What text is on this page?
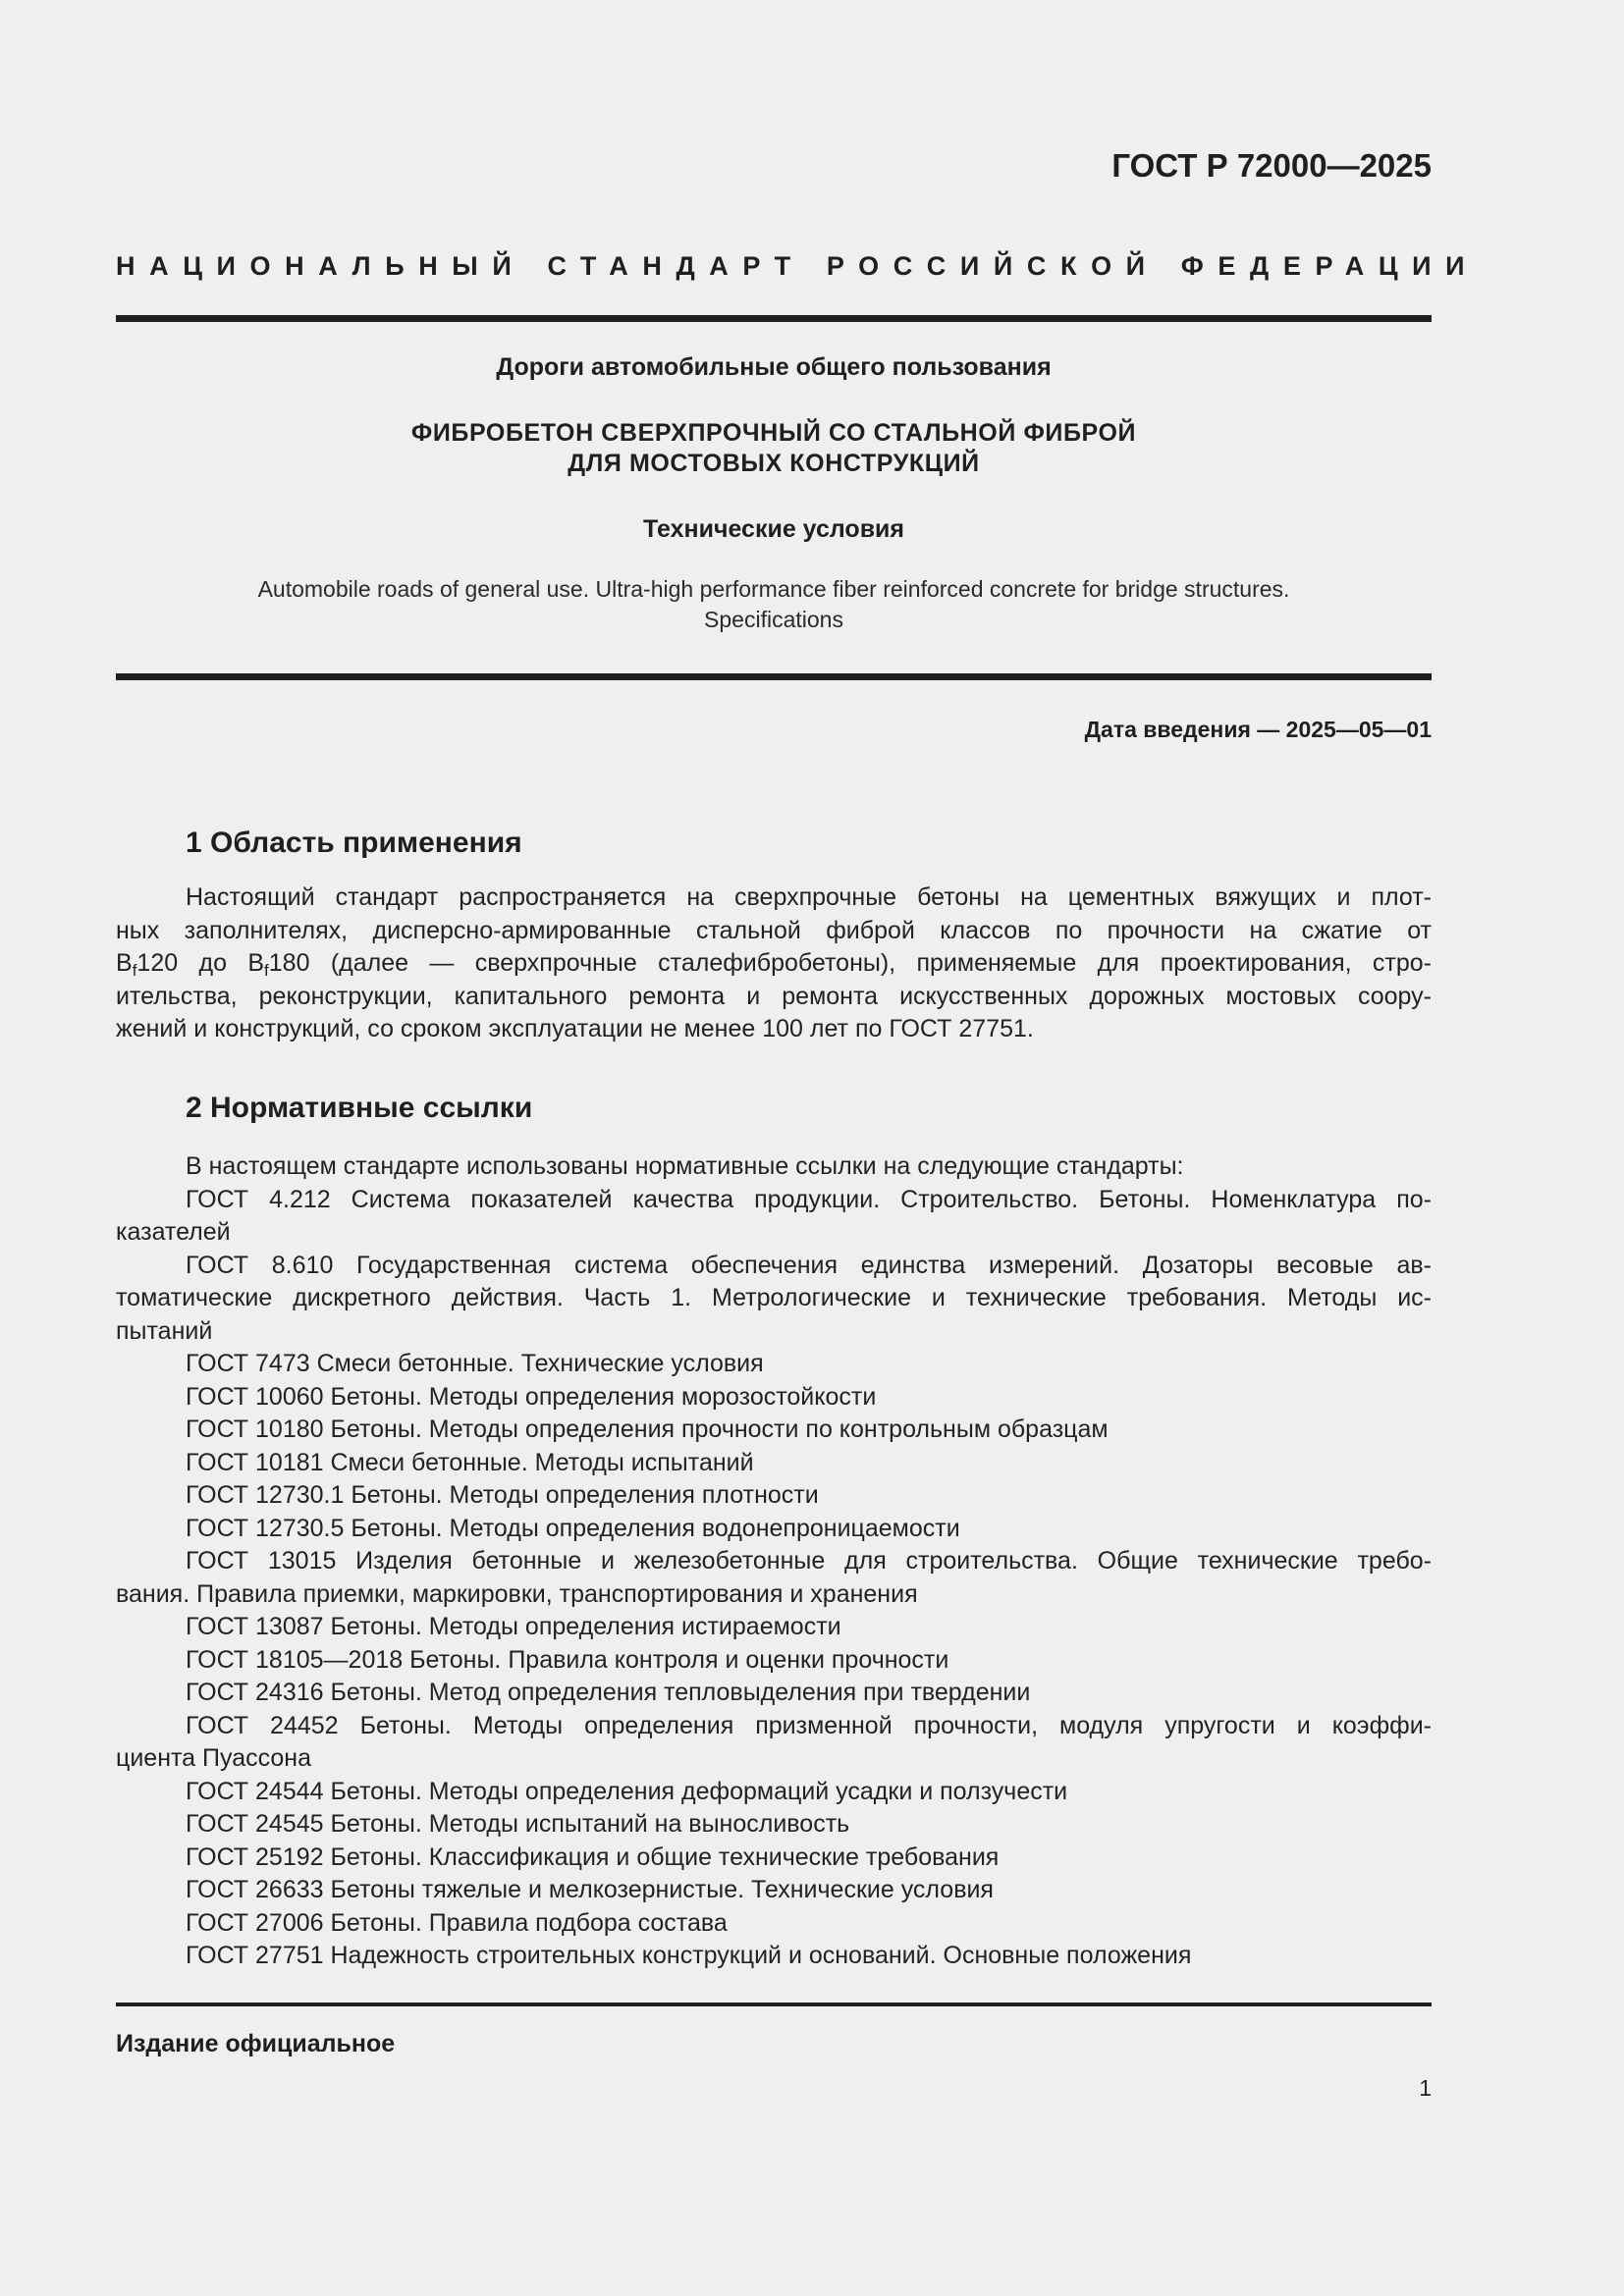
ГОСТ Р 72000—2025
НАЦИОНАЛЬНЫЙ СТАНДАРТ РОССИЙСКОЙ ФЕДЕРАЦИИ
Дороги автомобильные общего пользования
ФИБРОБЕТОН СВЕРХПРОЧНЫЙ СО СТАЛЬНОЙ ФИБРОЙ
ДЛЯ МОСТОВЫХ КОНСТРУКЦИЙ
Технические условия
Automobile roads of general use. Ultra-high performance fiber reinforced concrete for bridge structures.
Specifications
Дата введения — 2025—05—01
1 Область применения
Настоящий стандарт распространяется на сверхпрочные бетоны на цементных вяжущих и плот-
ных заполнителях, дисперсно-армированные стальной фиброй классов по прочности на сжатие от
$B_f120$ до $B_f180$ (далее — сверхпрочные сталефибробетоны), применяемые для проектирования, стро-
ительства, реконструкции, капитального ремонта и ремонта искусственных дорожных мостовых соору-
жений и конструкций, со сроком эксплуатации не менее 100 лет по ГОСТ 27751.
2 Нормативные ссылки
В настоящем стандарте использованы нормативные ссылки на следующие стандарты:
ГОСТ 4.212 Система показателей качества продукции. Строительство. Бетоны. Номенклатура по-
казателей
ГОСТ 8.610 Государственная система обеспечения единства измерений. Дозаторы весовые ав-
томатические дискретного действия. Часть 1. Метрологические и технические требования. Методы ис-
пытаний
ГОСТ 7473 Смеси бетонные. Технические условия
ГОСТ 10060 Бетоны. Методы определения морозостойкости
ГОСТ 10180 Бетоны. Методы определения прочности по контрольным образцам
ГОСТ 10181 Смеси бетонные. Методы испытаний
ГОСТ 12730.1 Бетоны. Методы определения плотности
ГОСТ 12730.5 Бетоны. Методы определения водонепроницаемости
ГОСТ 13015 Изделия бетонные и железобетонные для строительства. Общие технические требо-
вания. Правила приемки, маркировки, транспортирования и хранения
ГОСТ 13087 Бетоны. Методы определения истираемости
ГОСТ 18105—2018 Бетоны. Правила контроля и оценки прочности
ГОСТ 24316 Бетоны. Метод определения тепловыделения при твердении
ГОСТ 24452 Бетоны. Методы определения призменной прочности, модуля упругости и коэффи-
циента Пуассона
ГОСТ 24544 Бетоны. Методы определения деформаций усадки и ползучести
ГОСТ 24545 Бетоны. Методы испытаний на выносливость
ГОСТ 25192 Бетоны. Классификация и общие технические требования
ГОСТ 26633 Бетоны тяжелые и мелкозернистые. Технические условия
ГОСТ 27006 Бетоны. Правила подбора состава
ГОСТ 27751 Надежность строительных конструкций и оснований. Основные положения
Издание официальное
1
